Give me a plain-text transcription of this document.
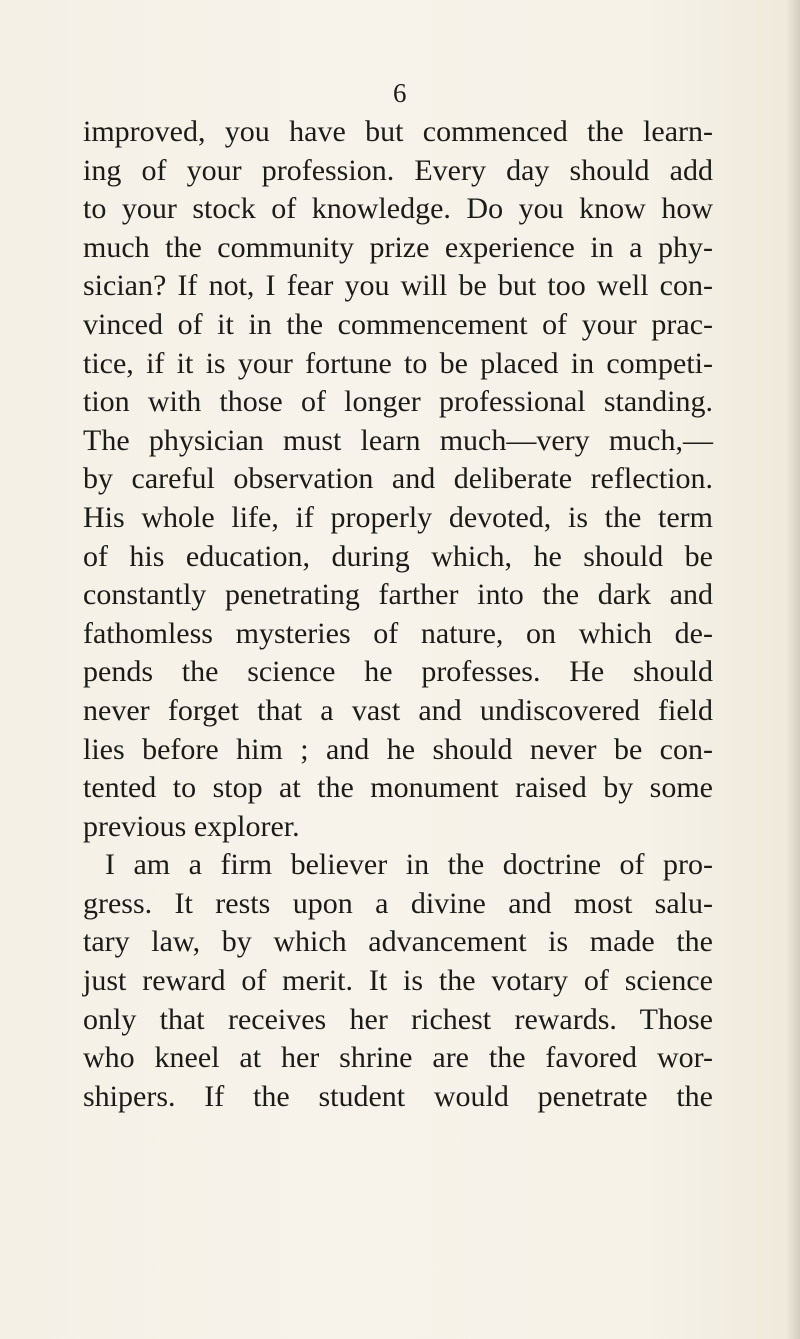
6
improved, you have but commenced the learn-
ing of your profession. Every day should add
to your stock of knowledge. Do you know how
much the community prize experience in a phy-
sician? If not, I fear you will be but too well con-
vinced of it in the commencement of your prac-
tice, if it is your fortune to be placed in competi-
tion with those of longer professional standing.
The physician must learn much—very much,—
by careful observation and deliberate reflection.
His whole life, if properly devoted, is the term
of his education, during which, he should be
constantly penetrating farther into the dark and
fathomless mysteries of nature, on which de-
pends the science he professes. He should
never forget that a vast and undiscovered field
lies before him ; and he should never be con-
tented to stop at the monument raised by some
previous explorer.
I am a firm believer in the doctrine of pro-
gress. It rests upon a divine and most salu-
tary law, by which advancement is made the
just reward of merit. It is the votary of science
only that receives her richest rewards. Those
who kneel at her shrine are the favored wor-
shipers. If the student would penetrate the
